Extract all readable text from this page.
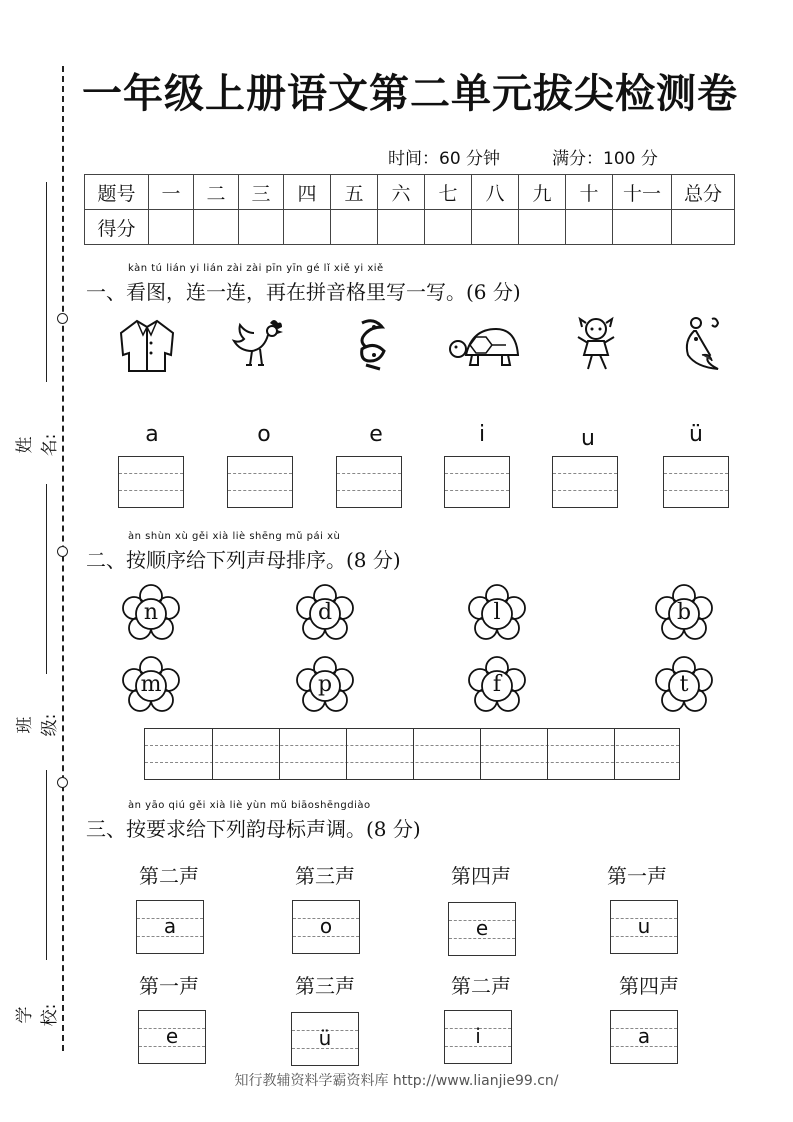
姓名:
班级:
学校:
一年级上册语文第二单元拔尖检测卷
时间：60 分钟	满分：100 分
题号	一	二	三	四	五	六	七	八	九	十	十一	总分
得分												
kàn tú lián yi lián zài zài pīn yīn gé lǐ xiě yi xiě
一、看图，连一连，再在拼音格里写一写。(6 分)
a	o	e	i	u	ü
àn shùn xù gěi xià liè shēng mǔ pái xù
二、按顺序给下列声母排序。(8 分)
n	d	l	b
m	p	f	t
àn yāo qiú gěi xià liè yùn mǔ biāoshēngdiào
三、按要求给下列韵母标声调。(8 分)
第二声	第三声	第四声	第一声
a	o	e	u
第一声	第三声	第二声	第四声
e	ü	i	a
知行教辅资料学霸资料库 http://www.lianjie99.cn/
